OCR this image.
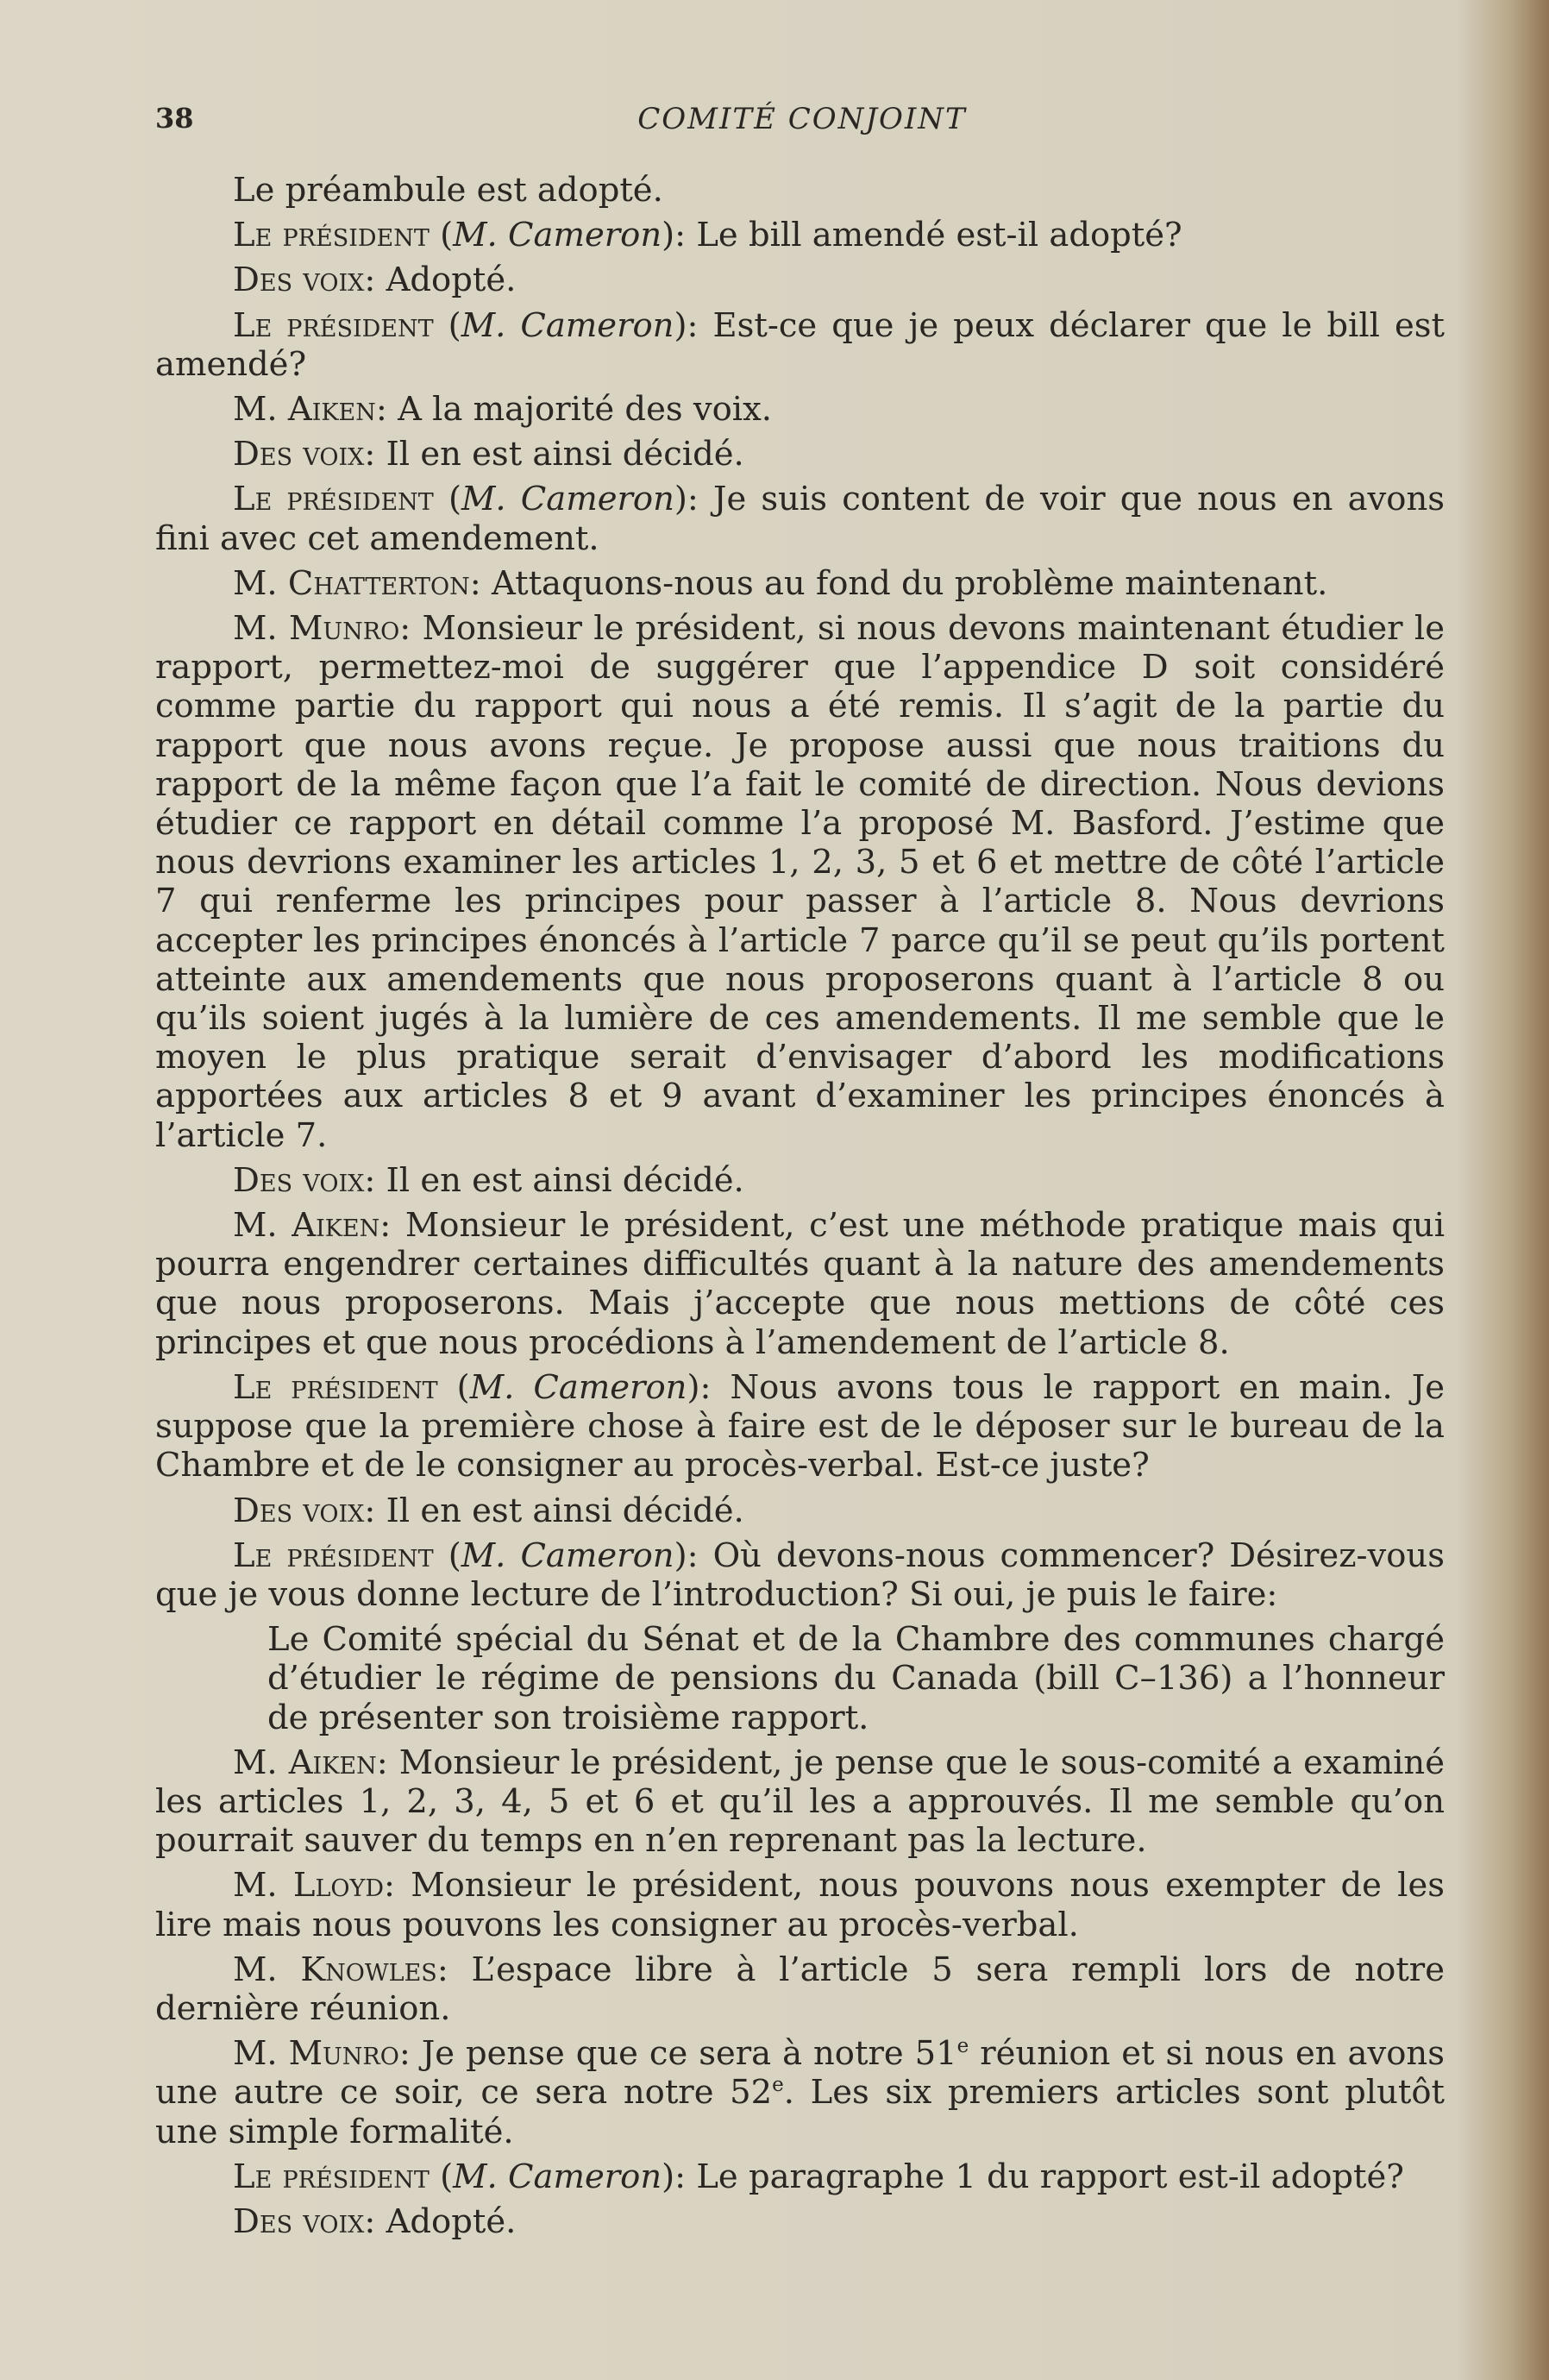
38	COMITÉ CONJOINT

Le préambule est adopté.

Le président (M. Cameron): Le bill amendé est-il adopté?

Des voix: Adopté.

Le président (M. Cameron): Est-ce que je peux déclarer que le bill est amendé?

M. Aiken: A la majorité des voix.

Des voix: Il en est ainsi décidé.

Le président (M. Cameron): Je suis content de voir que nous en avons fini avec cet amendement.

M. Chatterton: Attaquons-nous au fond du problème maintenant.

M. Munro: Monsieur le président, si nous devons maintenant étudier le rapport, permettez-moi de suggérer que l’appendice D soit considéré comme partie du rapport qui nous a été remis. Il s’agit de la partie du rapport que nous avons reçue. Je propose aussi que nous traitions du rapport de la même façon que l’a fait le comité de direction. Nous devions étudier ce rapport en détail comme l’a proposé M. Basford. J’estime que nous devrions examiner les articles 1, 2, 3, 5 et 6 et mettre de côté l’article 7 qui renferme les principes pour passer à l’article 8. Nous devrions accepter les principes énoncés à l’article 7 parce qu’il se peut qu’ils portent atteinte aux amendements que nous proposerons quant à l’article 8 ou qu’ils soient jugés à la lumière de ces amendements. Il me semble que le moyen le plus pratique serait d’envisager d’abord les modifications apportées aux articles 8 et 9 avant d’examiner les principes énoncés à l’article 7.

Des voix: Il en est ainsi décidé.

M. Aiken: Monsieur le président, c’est une méthode pratique mais qui pourra engendrer certaines difficultés quant à la nature des amendements que nous proposerons. Mais j’accepte que nous mettions de côté ces principes et que nous procédions à l’amendement de l’article 8.

Le président (M. Cameron): Nous avons tous le rapport en main. Je suppose que la première chose à faire est de le déposer sur le bureau de la Chambre et de le consigner au procès-verbal. Est-ce juste?

Des voix: Il en est ainsi décidé.

Le président (M. Cameron): Où devons-nous commencer? Désirez-vous que je vous donne lecture de l’introduction? Si oui, je puis le faire:

Le Comité spécial du Sénat et de la Chambre des communes chargé d’étudier le régime de pensions du Canada (bill C–136) a l’honneur de présenter son troisième rapport.

M. Aiken: Monsieur le président, je pense que le sous-comité a examiné les articles 1, 2, 3, 4, 5 et 6 et qu’il les a approuvés. Il me semble qu’on pourrait sauver du temps en n’en reprenant pas la lecture.

M. Lloyd: Monsieur le président, nous pouvons nous exempter de les lire mais nous pouvons les consigner au procès-verbal.

M. Knowles: L’espace libre à l’article 5 sera rempli lors de notre dernière réunion.

M. Munro: Je pense que ce sera à notre 51e réunion et si nous en avons une autre ce soir, ce sera notre 52e. Les six premiers articles sont plutôt une simple formalité.

Le président (M. Cameron): Le paragraphe 1 du rapport est-il adopté?

Des voix: Adopté.
